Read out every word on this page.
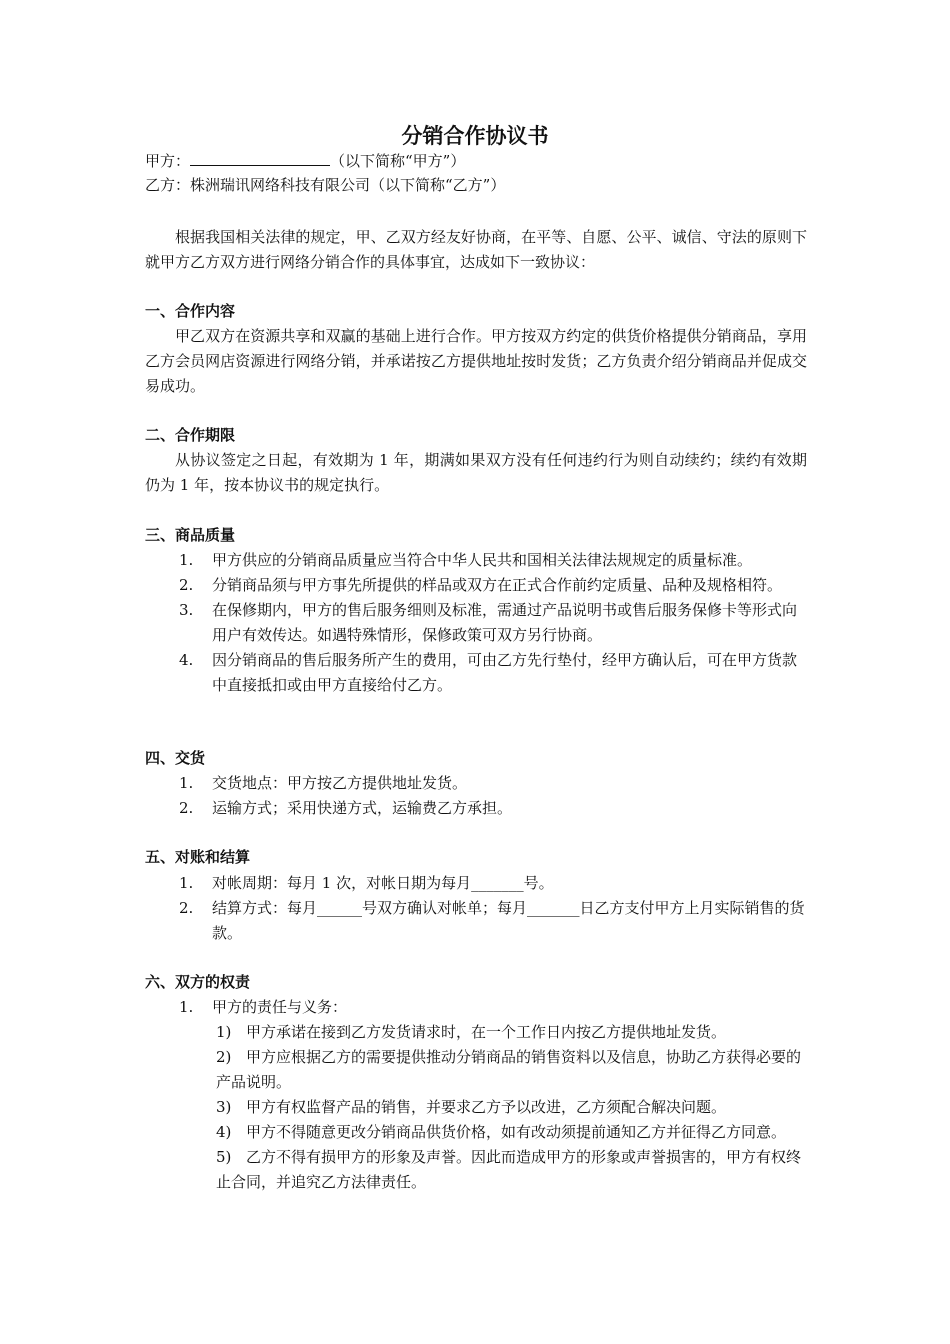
分销合作协议书
甲方：	（以下简称“甲方”）
乙方：株洲瑞讯网络科技有限公司（以下简称“乙方”）
根据我国相关法律的规定，甲、乙双方经友好协商，在平等、自愿、公平、诚信、守法的原则下就甲方乙方双方进行网络分销合作的具体事宜，达成如下一致协议：
一、合作内容
甲乙双方在资源共享和双赢的基础上进行合作。甲方按双方约定的供货价格提供分销商品，享用乙方会员网店资源进行网络分销，并承诺按乙方提供地址按时发货；乙方负责介绍分销商品并促成交易成功。
二、合作期限
从协议签定之日起，有效期为 1 年，期满如果双方没有任何违约行为则自动续约；续约有效期仍为 1 年，按本协议书的规定执行。
三、商品质量
1. 甲方供应的分销商品质量应当符合中华人民共和国相关法律法规规定的质量标准。
2. 分销商品须与甲方事先所提供的样品或双方在正式合作前约定质量、品种及规格相符。
3. 在保修期内，甲方的售后服务细则及标准，需通过产品说明书或售后服务保修卡等形式向用户有效传达。如遇特殊情形，保修政策可双方另行协商。
4. 因分销商品的售后服务所产生的费用，可由乙方先行垫付，经甲方确认后，可在甲方货款中直接抵扣或由甲方直接给付乙方。
四、交货
1. 交货地点：甲方按乙方提供地址发货。
2. 运输方式；采用快递方式，运输费乙方承担。
五、对账和结算
1. 对帐周期：每月 1 次，对帐日期为每月_______号。
2. 结算方式：每月______号双方确认对帐单；每月_______日乙方支付甲方上月实际销售的货款。
六、双方的权责
1. 甲方的责任与义务：
1) 甲方承诺在接到乙方发货请求时，在一个工作日内按乙方提供地址发货。
2) 甲方应根据乙方的需要提供推动分销商品的销售资料以及信息，协助乙方获得必要的产品说明。
3) 甲方有权监督产品的销售，并要求乙方予以改进，乙方须配合解决问题。
4) 甲方不得随意更改分销商品供货价格，如有改动须提前通知乙方并征得乙方同意。
5) 乙方不得有损甲方的形象及声誉。因此而造成甲方的形象或声誉损害的，甲方有权终止合同，并追究乙方法律责任。
